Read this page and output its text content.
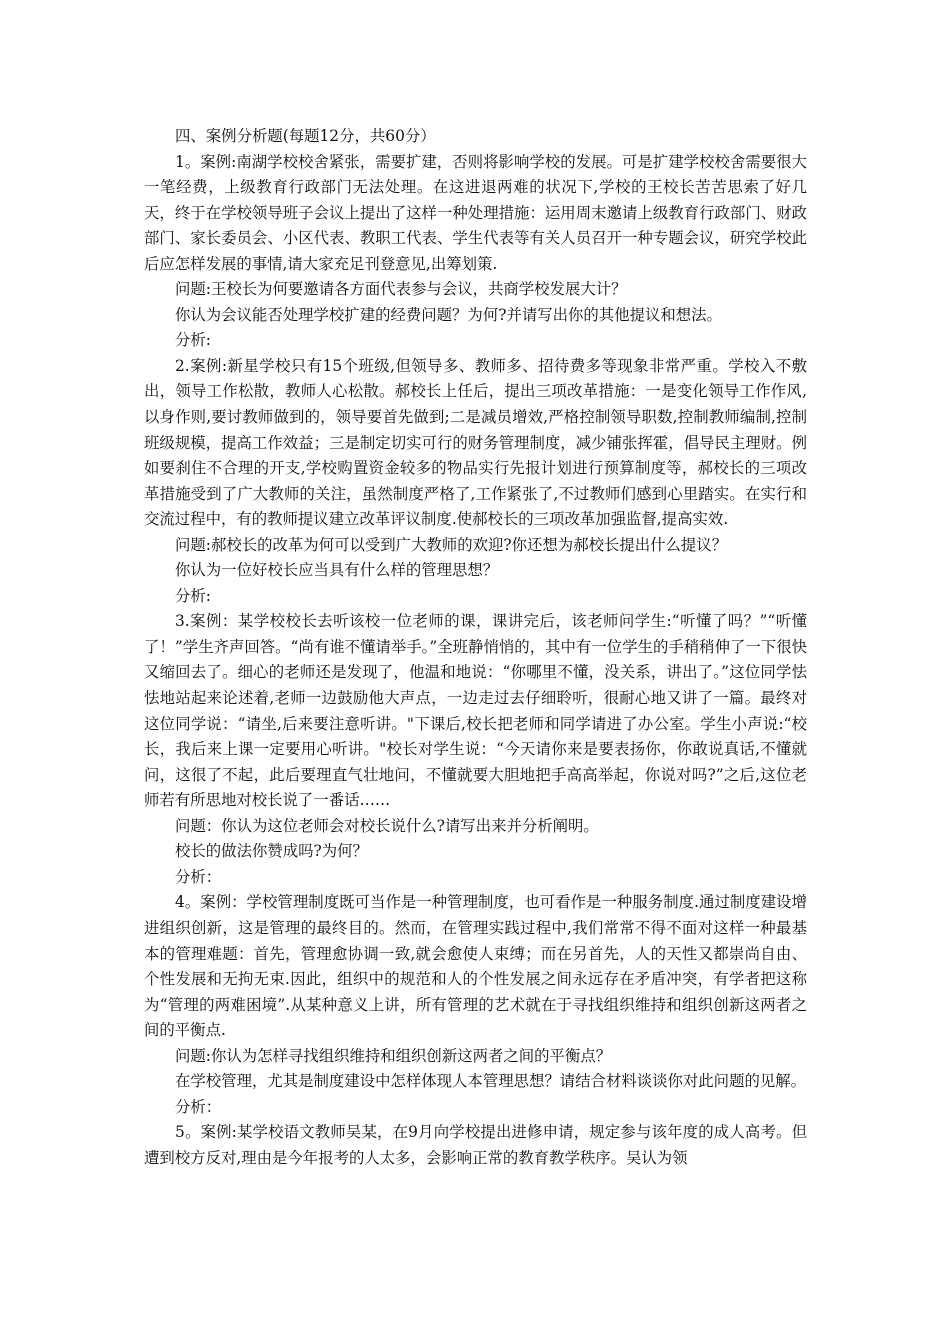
四、案例分析题(每题12分，共60分）

1。案例:南湖学校校舍紧张，需要扩建，否则将影响学校的发展。可是扩建学校校舍需要很大一笔经费，上级教育行政部门无法处理。在这进退两难的状况下,学校的王校长苦苦思索了好几天，终于在学校领导班子会议上提出了这样一种处理措施：运用周末邀请上级教育行政部门、财政部门、家长委员会、小区代表、教职工代表、学生代表等有关人员召开一种专题会议，研究学校此后应怎样发展的事情,请大家充足刊登意见,出筹划策.

问题:王校长为何要邀请各方面代表参与会议，共商学校发展大计？

你认为会议能否处理学校扩建的经费问题？为何?并请写出你的其他提议和想法。

分析:

2.案例:新星学校只有15个班级,但领导多、教师多、招待费多等现象非常严重。学校入不敷出，领导工作松散，教师人心松散。郝校长上任后，提出三项改革措施：一是变化领导工作作风,以身作则,要讨教师做到的，领导要首先做到;二是减员增效,严格控制领导职数,控制教师编制,控制班级规模，提高工作效益；三是制定切实可行的财务管理制度，减少铺张挥霍，倡导民主理财。例如要刹住不合理的开支,学校购置资金较多的物品实行先报计划进行预算制度等，郝校长的三项改革措施受到了广大教师的关注，虽然制度严格了,工作紧张了,不过教师们感到心里踏实。在实行和交流过程中，有的教师提议建立改革评议制度.使郝校长的三项改革加强监督,提高实效.

问题:郝校长的改革为何可以受到广大教师的欢迎?你还想为郝校长提出什么提议？

你认为一位好校长应当具有什么样的管理思想？

分析:

3.案例：某学校校长去听该校一位老师的课，课讲完后，该老师问学生:“听懂了吗？”“听懂了！”学生齐声回答。“尚有谁不懂请举手。”全班静悄悄的，其中有一位学生的手稍稍伸了一下很快又缩回去了。细心的老师还是发现了，他温和地说：“你哪里不懂，没关系，讲出了。”这位同学怯怯地站起来论述着,老师一边鼓励他大声点，一边走过去仔细聆听，很耐心地又讲了一篇。最终对这位同学说：“请坐,后来要注意听讲。"下课后,校长把老师和同学请进了办公室。学生小声说:“校长，我后来上课一定要用心听讲。"校长对学生说：“今天请你来是要表扬你，你敢说真话,不懂就问，这很了不起，此后要理直气壮地问，不懂就要大胆地把手高高举起，你说对吗?”之后,这位老师若有所思地对校长说了一番话……

问题：你认为这位老师会对校长说什么?请写出来并分析阐明。

校长的做法你赞成吗?为何？

分析：

4。案例：学校管理制度既可当作是一种管理制度，也可看作是一种服务制度.通过制度建设增进组织创新，这是管理的最终目的。然而，在管理实践过程中,我们常常不得不面对这样一种最基本的管理难题：首先，管理愈协调一致,就会愈使人束缚；而在另首先，人的天性又都崇尚自由、个性发展和无拘无束.因此，组织中的规范和人的个性发展之间永远存在矛盾冲突，有学者把这称为“管理的两难困境”.从某种意义上讲，所有管理的艺术就在于寻找组织维持和组织创新这两者之间的平衡点.

问题:你认为怎样寻找组织维持和组织创新这两者之间的平衡点？

在学校管理，尤其是制度建设中怎样体现人本管理思想？请结合材料谈谈你对此问题的见解。

分析：

5。案例:某学校语文教师吴某，在9月向学校提出进修申请，规定参与该年度的成人高考。但遭到校方反对,理由是今年报考的人太多，会影响正常的教育教学秩序。吴认为领
